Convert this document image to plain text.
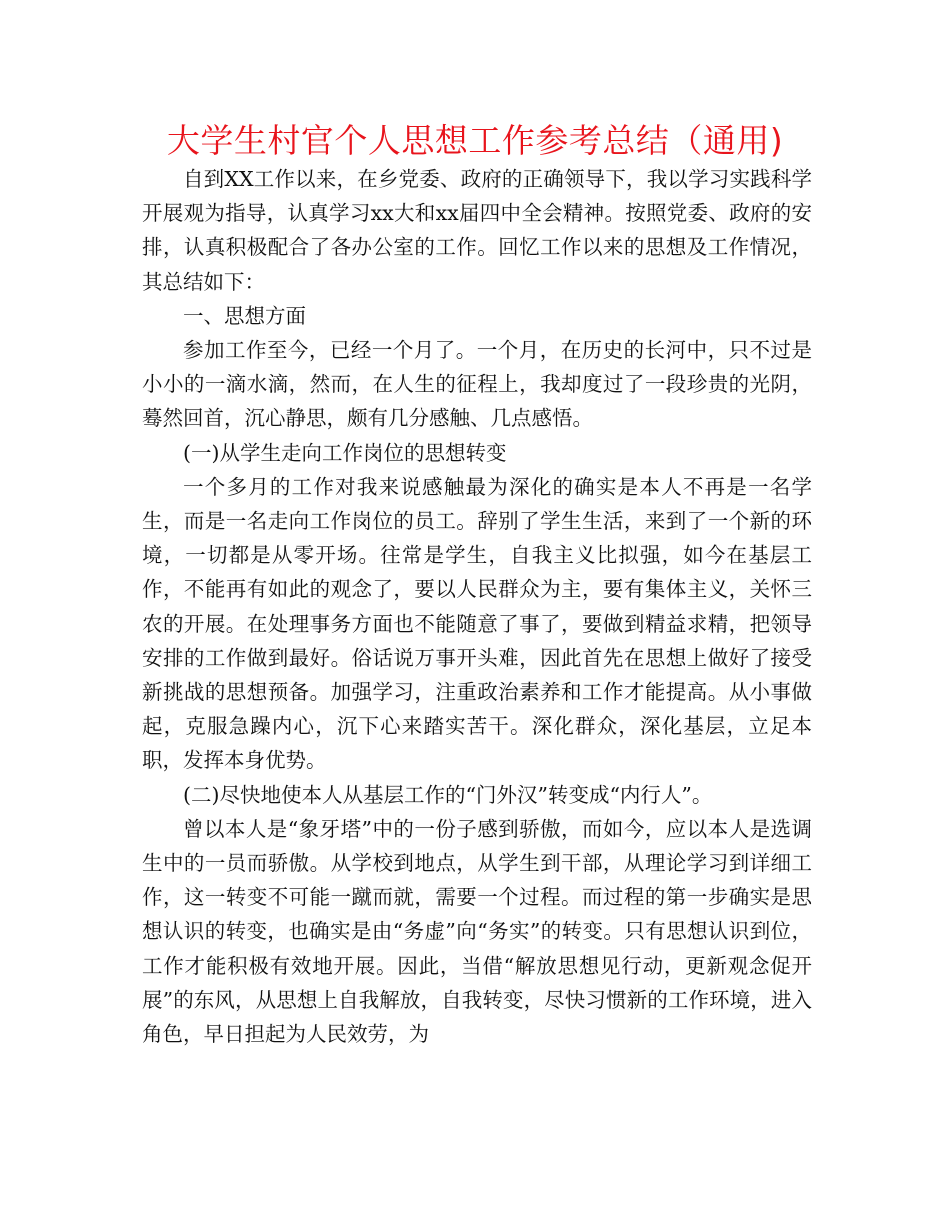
大学生村官个人思想工作参考总结（通用)

自到XX工作以来，在乡党委、政府的正确领导下，我以学习实践科学开展观为指导，认真学习xx大和xx届四中全会精神。按照党委、政府的安排，认真积极配合了各办公室的工作。回忆工作以来的思想及工作情况，其总结如下：

一、思想方面

参加工作至今，已经一个月了。一个月，在历史的长河中，只不过是小小的一滴水滴，然而，在人生的征程上，我却度过了一段珍贵的光阴，蓦然回首，沉心静思，颇有几分感触、几点感悟。

(一)从学生走向工作岗位的思想转变

一个多月的工作对我来说感触最为深化的确实是本人不再是一名学生，而是一名走向工作岗位的员工。辞别了学生生活，来到了一个新的环境，一切都是从零开场。往常是学生，自我主义比拟强，如今在基层工作，不能再有如此的观念了，要以人民群众为主，要有集体主义，关怀三农的开展。在处理事务方面也不能随意了事了，要做到精益求精，把领导安排的工作做到最好。俗话说万事开头难，因此首先在思想上做好了接受新挑战的思想预备。加强学习，注重政治素养和工作才能提高。从小事做起，克服急躁内心，沉下心来踏实苦干。深化群众，深化基层，立足本职，发挥本身优势。

(二)尽快地使本人从基层工作的“门外汉”转变成“内行人”。

曾以本人是“象牙塔”中的一份子感到骄傲，而如今，应以本人是选调生中的一员而骄傲。从学校到地点，从学生到干部，从理论学习到详细工作，这一转变不可能一蹴而就，需要一个过程。而过程的第一步确实是思想认识的转变，也确实是由“务虚”向“务实”的转变。只有思想认识到位，工作才能积极有效地开展。因此，当借“解放思想见行动，更新观念促开展”的东风，从思想上自我解放，自我转变，尽快习惯新的工作环境，进入角色，早日担起为人民效劳，为
